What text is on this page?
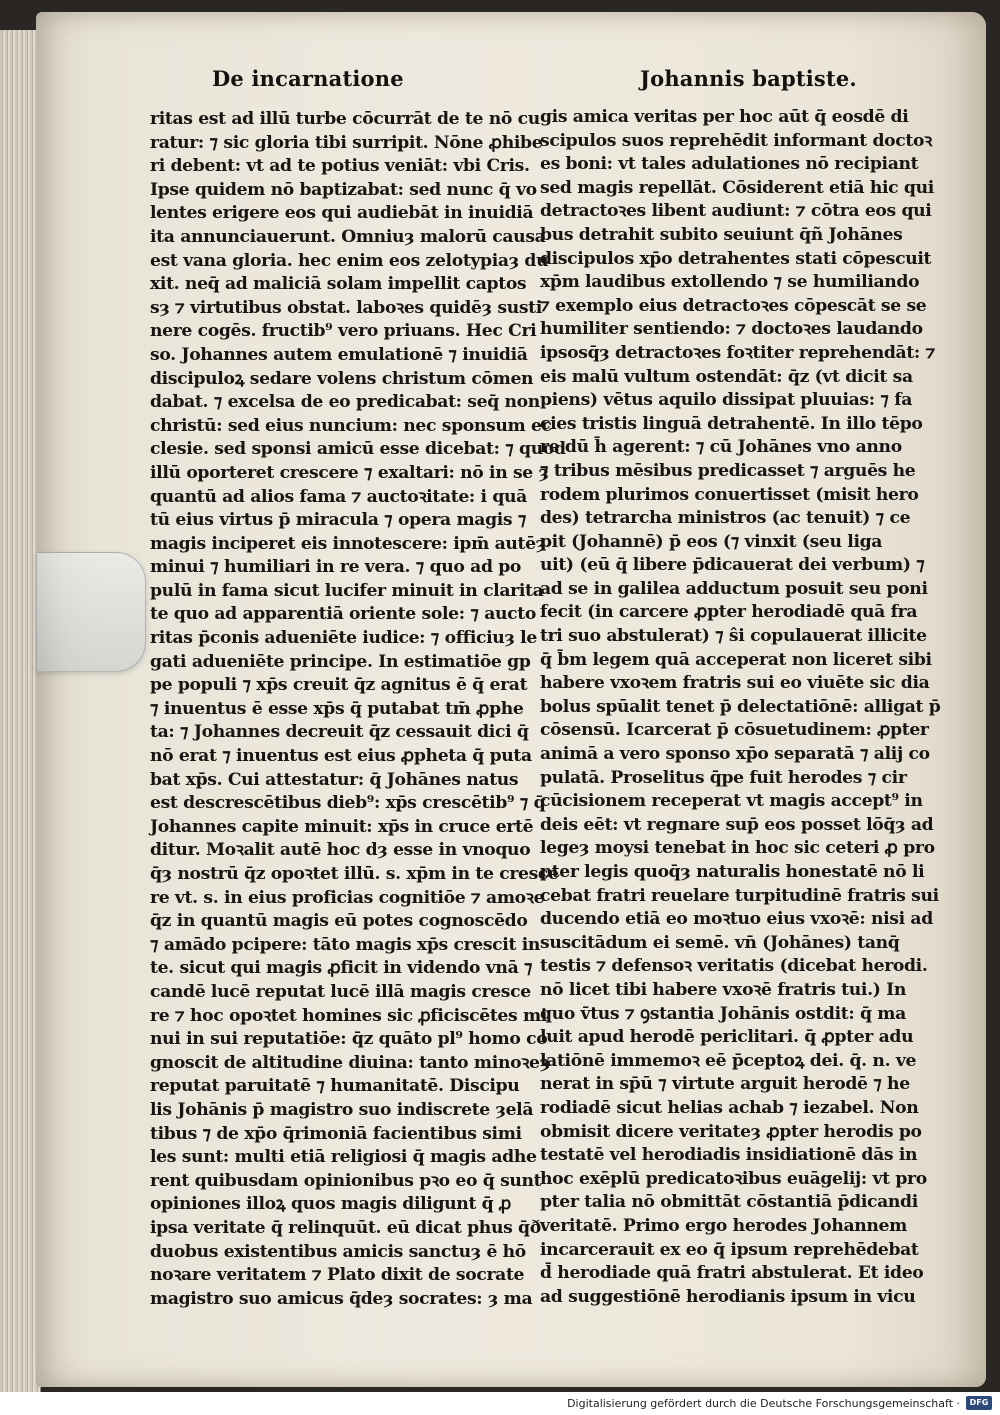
De incarnatione	Johannis baptiste.
ritas est ad illū turbe cōcurrāt de te nō cu
ratur: ⁊ sic gloria tibi surripit. Nōne ꝓhibe
ri debent: vt ad te potius veniāt: vbi Cris.
Ipse quidem nō baptizabat: sed nunc q̄ vo
lentes erigere eos qui audiebāt in inuidiā
ita annunciauerunt. Omniuȝ malorū causa
est vana gloria. hec enim eos zelotypiaȝ du
xit. neq̄ ad maliciā solam impellit captos
sȝ ⁊ virtutibus obstat. laboꝛes quidēȝ susti
nere cogēs. fructib⁹ vero priuans. Hec Cri
so. Johannes autem emulationē ⁊ inuidiā
discipuloꝝ sedare volens christum cōmen
dabat. ⁊ excelsa de eo predicabat: seq̄ non
christū: sed eius nuncium: nec sponsum ec
clesie. sed sponsi amicū esse dicebat: ⁊ quod
illū oporteret crescere ⁊ exaltari: nō in se ȝ
quantū ad alios fama ⁊ auctoꝛitate: i quā
tū eius virtus p̄ miracula ⁊ opera magis ⁊
magis inciperet eis innotescere: ipm̄ autēȝ
minui ⁊ humiliari in re vera. ⁊ quo ad po
pulū in fama sicut lucifer minuit in clarita
te quo ad apparentiā oriente sole: ⁊ aucto
ritas p̄conis adueniēte iudice: ⁊ officiuȝ le
gati adueniēte principe. In estimatiōe gp
pe populi ⁊ xp̄s creuit q̄z agnitus ē q̄ erat
⁊ inuentus ē esse xp̄s q̄ putabat tm̄ ꝓphe
ta: ⁊ Johannes decreuit q̄z cessauit dici q̄
nō erat ⁊ inuentus est eius ꝓpheta q̄ puta
bat xp̄s. Cui attestatur: q̄ Johānes natus
est descrescētibus dieb⁹: xp̄s crescētib⁹ ⁊ q̄
Johannes capite minuit: xp̄s in cruce ertē
ditur. Moꝛalit autē hoc dȝ esse in vnoquo
q̄ȝ nostrū q̄z opoꝛtet illū. s. xp̄m in te cresce
re vt. s. in eius proficias cognitiōe ⁊ amoꝛe
q̄z in quantū magis eū potes cognoscēdo
⁊ amādo pcipere: tāto magis xp̄s crescit in
te. sicut qui magis ꝓficit in videndo vnā ⁊
candē lucē reputat lucē illā magis cresce
re ⁊ hoc opoꝛtet homines sic ꝓficiscētes mi
nui in sui reputatiōe: q̄z quāto pl⁹ homo co
gnoscit de altitudine diuina: tanto minoꝛeȝ
reputat paruitatē ⁊ humanitatē. Discipu
lis Johānis p̄ magistro suo indiscrete ȝelā
tibus ⁊ de xp̄o q̄rimoniā facientibus simi
les sunt: multi etiā religiosi q̄ magis adhe
rent quibusdam opinionibus pꝛo eo q̄ sunt
opiniones illoꝝ quos magis diligunt q̄̄ ꝓ
ipsa veritate q̄̄ relinquūt. eū dicat phus q̄ð
duobus existentibus amicis sanctuȝ ē hō
noꝛare veritatem ⁊ Plato dixit de socrate
magistro suo amicus q̄deȝ socrates: ȝ ma
gis amica veritas per hoc aūt q̄ eosdē di
scipulos suos reprehēdit informant doctoꝛ
es boni: vt tales adulationes nō recipiant
sed magis repellāt. Cōsiderent etiā hic qui
detractoꝛes libent audiunt: ⁊ cōtra eos qui
bus detrahit subito seuiunt q̄ñ Johānes
discipulos xp̄o detrahentes stati cōpescuit
xp̄m laudibus extollendo ⁊ se humiliando
⁊ exemplo eius detractoꝛes cōpescāt se se
humiliter sentiendo: ⁊ doctoꝛes laudando
ipsosq̄ȝ detractoꝛes foꝛtiter reprehendāt: ⁊
eis malū vultum ostendāt: q̄z (vt dicit sa
piens) vētus aquilo dissipat pluuias: ⁊ fa
cies tristis linguā detrahentē. In illo tēpo
re dū h̄ agerent: ⁊ cū Johānes vno anno
⁊ tribus mēsibus predicasset ⁊ arguēs he
rodem plurimos conuertisset (misit hero
des) tetrarcha ministros (ac tenuit) ⁊ ce
pit (Johannē) p̄ eos (⁊ vinxit (seu liga
uit) (eū q̄ libere p̄dicauerat dei verbum) ⁊
ad se in galilea adductum posuit seu poni
fecit (in carcere ꝓpter herodiadē quā fra
tri suo abstulerat) ⁊ ŝi copulauerat illicite
q̄̄ b̄m legem quā acceperat non liceret sibi
habere vxoꝛem fratris sui eo viuēte sic dia
bolus spūalit tenet p̄ delectatiōnē: alligat p̄
cōsensū. Icarcerat p̄ cōsuetudinem: ꝓpter
animā a vero sponso xp̄o separatā ⁊ alij co
pulatā. Proselitus q̄pe fuit herodes ⁊ cir
cūcisionem receperat vt magis accept⁹ in
deis eēt: vt regnare sup̄ eos posset lōq̄ȝ ad
legeȝ moysi tenebat in hoc sic ceteri ꝓ pro
pter legis quoq̄ȝ naturalis honestatē nō li
cebat fratri reuelare turpitudinē fratris sui
ducendo etiā eo moꝛtuo eius vxoꝛē: nisi ad
suscitādum ei semē. vn̄ (Johānes) tanq̄
testis ⁊ defensoꝛ veritatis (dicebat herodi.
nō licet tibi habere vxoꝛē fratris tui.) In
quo v̄tus ⁊ ꝯstantia Johānis ostdit: q̄ ma
luit apud herodē periclitari. q̄̄ ꝓpter adu
latiōnē immemoꝛ eē p̄ceptoꝝ dei. q̄. n. ve
nerat in sp̄ū ⁊ virtute arguit herodē ⁊ he
rodiadē sicut helias achab ⁊ iezabel. Non
obmisit dicere veritateȝ ꝓpter herodis po
testatē vel herodiadis insidiationē dās in
hoc exēplū predicatoꝛibus euāgelij: vt pro
pter talia nō obmittāt cōstantiā p̄dicandi
veritatē. Primo ergo herodes Johannem
incarcerauit ex eo q̄ ipsum reprehēdebat
d̄ herodiade quā fratri abstulerat. Et ideo
ad suggestiōnē herodianis ipsum in vicu
Digitalisierung gefördert durch die Deutsche Forschungsgemeinschaft ·	DFG
